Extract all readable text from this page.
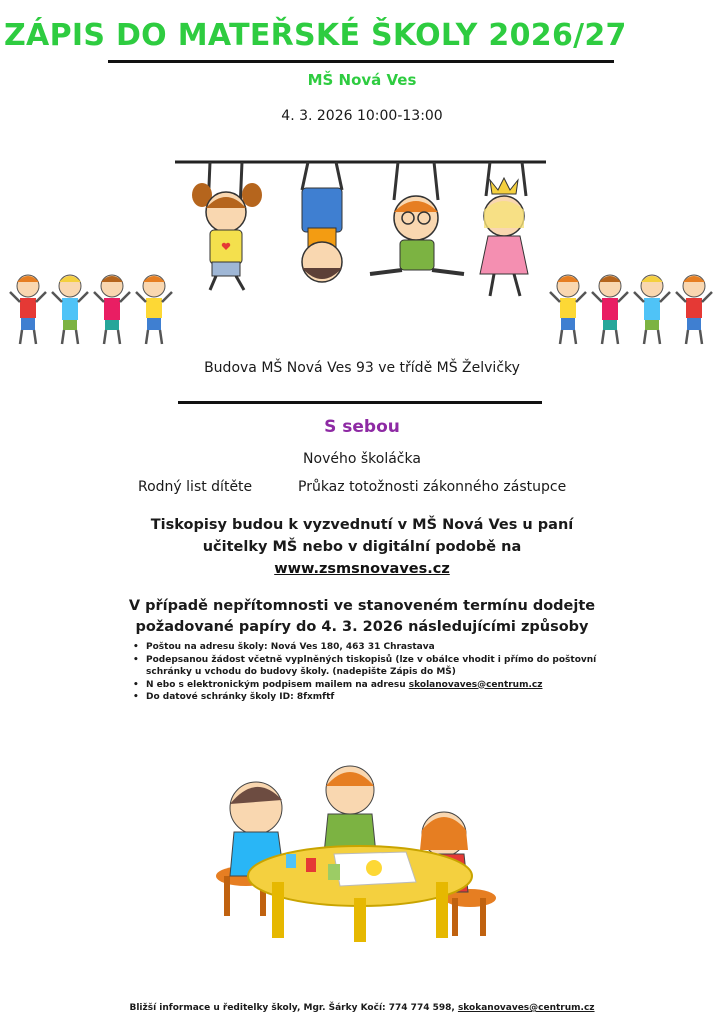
ZÁPIS DO MATEŘSKÉ ŠKOLY 2026/27
MŠ Nová Ves
4. 3. 2026 10:00-13:00
Budova MŠ Nová Ves 93 ve třídě MŠ Želvičky
S sebou
Nového školáčka
Rodný list dítěte	Průkaz totožnosti zákonného zástupce
Tiskopisy budou k vyzvednutí v MŠ Nová Ves u paní
učitelky MŠ nebo v digitální podobě na
www.zsmsnovaves.cz
V případě nepřítomnosti ve stanoveném termínu dodejte
požadované papíry do 4. 3. 2026 následujícími způsoby
• Poštou na adresu školy: Nová Ves 180, 463 31 Chrastava
• Podepsanou žádost včetně vyplněných tiskopisů (lze v obálce vhodit i přímo do poštovní
schránky u vchodu do budovy školy. (nadepište Zápis do MŠ)
• N ebo s elektronickým podpisem mailem na adresu skolanovaves@centrum.cz
• Do datové schránky školy ID: 8fxmftf
Bližší informace u ředitelky školy, Mgr. Šárky Kočí: 774 774 598, skokanovaves@centrum.cz
